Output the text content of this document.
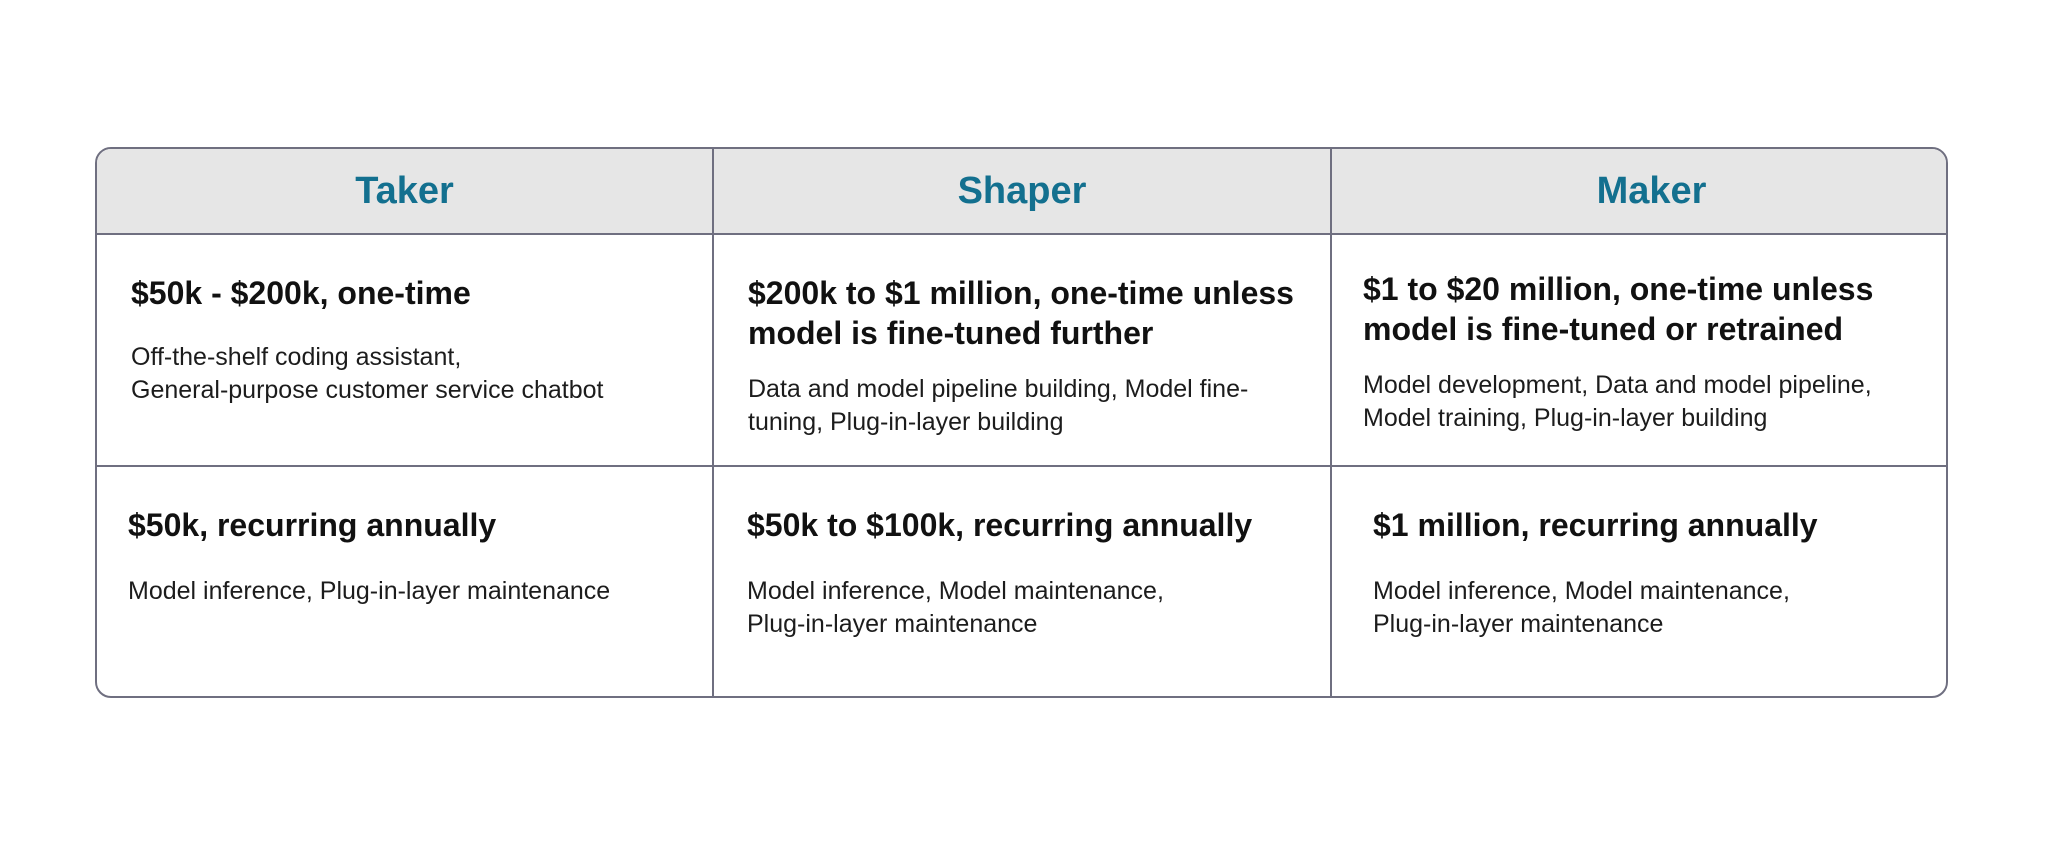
Taker	Shaper	Maker
$50k - $200k, one-time
Off-the-shelf coding assistant,
General-purpose customer service chatbot
$200k to $1 million, one-time unless model is fine-tuned further
Data and model pipeline building, Model fine-tuning, Plug-in-layer building
$1 to $20 million, one-time unless model is fine-tuned or retrained
Model development, Data and model pipeline, Model training, Plug-in-layer building
$50k, recurring annually
Model inference, Plug-in-layer maintenance
$50k to $100k, recurring annually
Model inference, Model maintenance,
Plug-in-layer maintenance
$1 million, recurring annually
Model inference, Model maintenance,
Plug-in-layer maintenance
